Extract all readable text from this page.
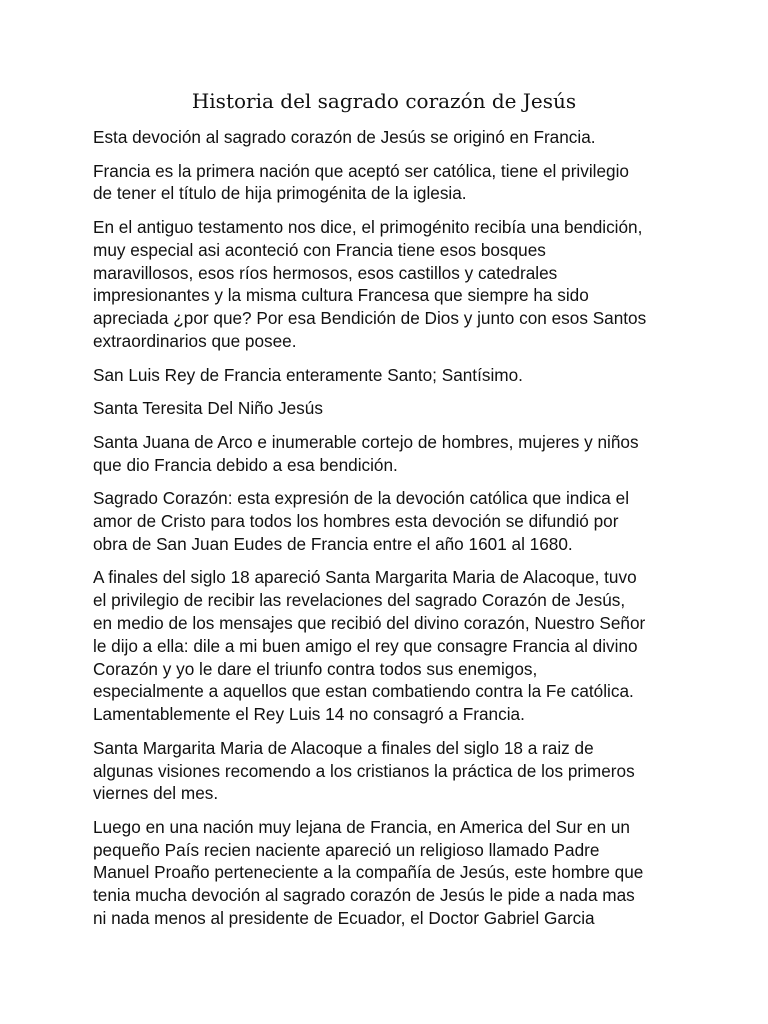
Historia del sagrado corazón de Jesús

Esta devoción al sagrado corazón de Jesús se originó en Francia.

Francia es la primera nación que aceptó ser católica, tiene el privilegio
de tener el título de hija primogénita de la iglesia.

En el antiguo testamento nos dice, el primogénito recibía una bendición,
muy especial asi aconteció con Francia tiene esos bosques
maravillosos, esos ríos hermosos, esos castillos y catedrales
impresionantes y la misma cultura Francesa que siempre ha sido
apreciada ¿por que? Por esa Bendición de Dios y junto con esos Santos
extraordinarios que posee.

San Luis Rey de Francia enteramente Santo; Santísimo.

Santa Teresita Del Niño Jesús

Santa Juana de Arco e inumerable cortejo de hombres, mujeres y niños
que dio Francia debido a esa bendición.

Sagrado Corazón: esta expresión de la devoción católica que indica el
amor de Cristo para todos los hombres esta devoción se difundió por
obra de San Juan Eudes de Francia entre el año 1601 al 1680.

A finales del siglo 18 apareció Santa Margarita Maria de Alacoque, tuvo
el privilegio de recibir las revelaciones del sagrado Corazón de Jesús,
en medio de los mensajes que recibió del divino corazón, Nuestro Señor
le dijo a ella: dile a mi buen amigo el rey que consagre Francia al divino
Corazón y yo le dare el triunfo contra todos sus enemigos,
especialmente a aquellos que estan combatiendo contra la Fe católica.
Lamentablemente el Rey Luis 14 no consagró a Francia.

Santa Margarita Maria de Alacoque a finales del siglo 18 a raiz de
algunas visiones recomendo a los cristianos la práctica de los primeros
viernes del mes.

Luego en una nación muy lejana de Francia, en America del Sur en un
pequeño País recien naciente apareció un religioso llamado Padre
Manuel Proaño perteneciente a la compañía de Jesús, este hombre que
tenia mucha devoción al sagrado corazón de Jesús le pide a nada mas
ni nada menos al presidente de Ecuador, el Doctor Gabriel Garcia
